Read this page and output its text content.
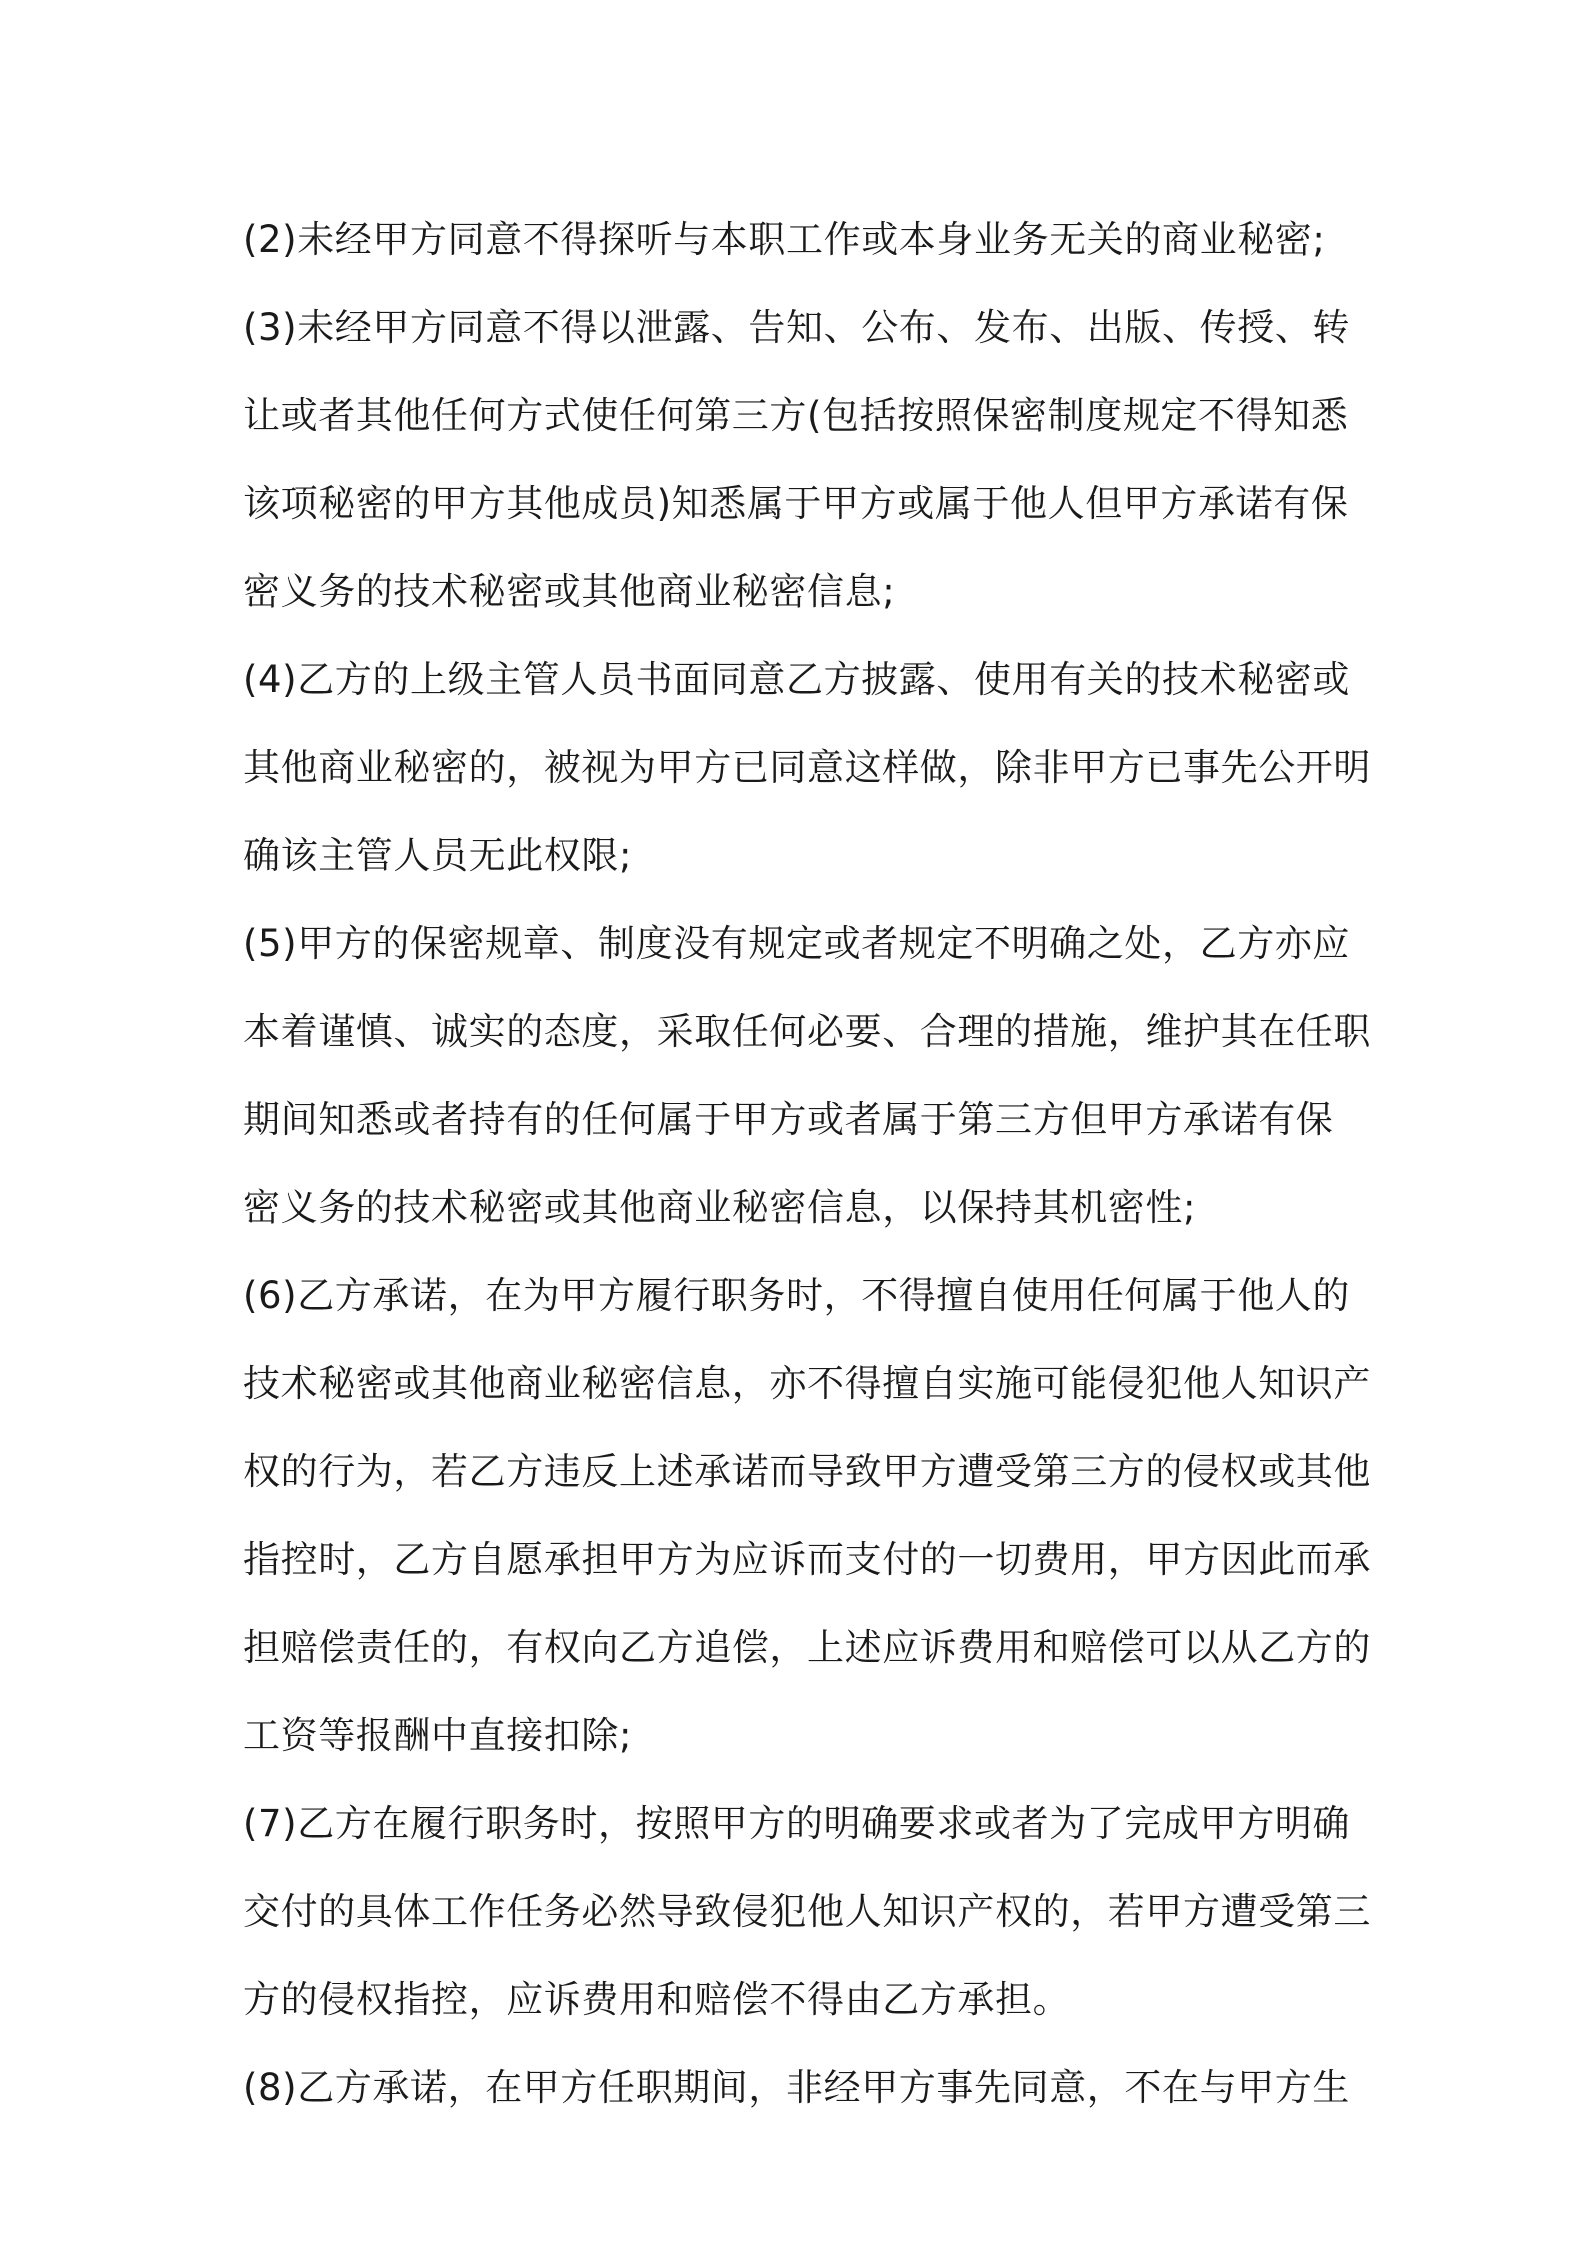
(2)未经甲方同意不得探听与本职工作或本身业务无关的商业秘密;
(3)未经甲方同意不得以泄露、告知、公布、发布、出版、传授、转
让或者其他任何方式使任何第三方(包括按照保密制度规定不得知悉
该项秘密的甲方其他成员)知悉属于甲方或属于他人但甲方承诺有保
密义务的技术秘密或其他商业秘密信息;
(4)乙方的上级主管人员书面同意乙方披露、使用有关的技术秘密或
其他商业秘密的，被视为甲方已同意这样做，除非甲方已事先公开明
确该主管人员无此权限;
(5)甲方的保密规章、制度没有规定或者规定不明确之处，乙方亦应
本着谨慎、诚实的态度，采取任何必要、合理的措施，维护其在任职
期间知悉或者持有的任何属于甲方或者属于第三方但甲方承诺有保
密义务的技术秘密或其他商业秘密信息，以保持其机密性;
(6)乙方承诺，在为甲方履行职务时，不得擅自使用任何属于他人的
技术秘密或其他商业秘密信息，亦不得擅自实施可能侵犯他人知识产
权的行为，若乙方违反上述承诺而导致甲方遭受第三方的侵权或其他
指控时，乙方自愿承担甲方为应诉而支付的一切费用，甲方因此而承
担赔偿责任的，有权向乙方追偿，上述应诉费用和赔偿可以从乙方的
工资等报酬中直接扣除;
(7)乙方在履行职务时，按照甲方的明确要求或者为了完成甲方明确
交付的具体工作任务必然导致侵犯他人知识产权的，若甲方遭受第三
方的侵权指控，应诉费用和赔偿不得由乙方承担。
(8)乙方承诺，在甲方任职期间，非经甲方事先同意，不在与甲方生
